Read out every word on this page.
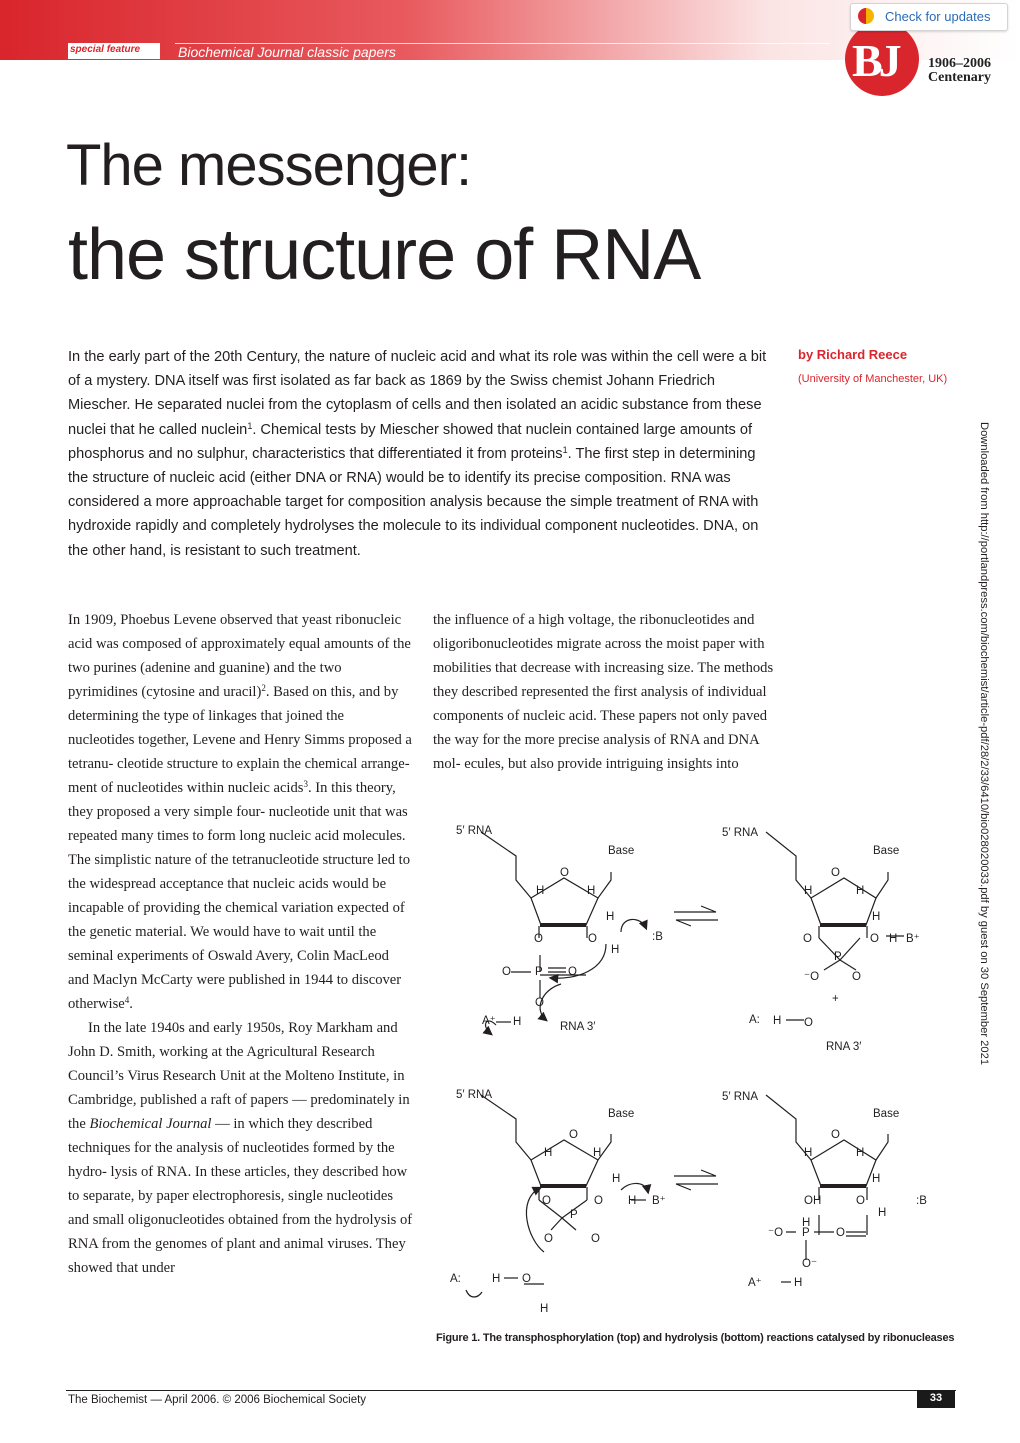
special feature	Biochemical Journal classic papers	BJ 1906–2006
Centenary
Check for updates
The messenger:
the structure of RNA
by Richard Reece
(University of Manchester, UK)
In the early part of the 20th Century, the nature of nucleic acid and what its role was within the cell were a bit of a mystery. DNA itself was first isolated as far back as 1869 by the Swiss chemist Johann Friedrich Miescher. He separated nuclei from the cytoplasm of cells and then isolated an acidic substance from these nuclei that he called nuclein$^1$. Chemical tests by Miescher showed that nuclein contained large amounts of phosphorus and no sulphur, characteristics that differentiated it from proteins$^1$. The first step in determining the structure of nucleic acid (either DNA or RNA) would be to identify its precise composition. RNA was considered a more approachable target for composition analysis because the simple treatment of RNA with hydroxide rapidly and completely hydrolyses the molecule to its individual component nucleotides. DNA, on the other hand, is resistant to such treatment.
In 1909, Phoebus Levene observed that yeast ribonucleic acid was composed of approximately equal amounts of the two purines (adenine and guanine) and the two pyrimidines (cytosine and uracil)$^2$. Based on this, and by determining the type of linkages that joined the nucleotides together, Levene and Henry Simms proposed a tetranu- cleotide structure to explain the chemical arrange- ment of nucleotides within nucleic acids$^3$. In this theory, they proposed a very simple four- nucleotide unit that was repeated many times to form long nucleic acid molecules. The simplistic nature of the tetranucleotide structure led to the widespread acceptance that nucleic acids would be incapable of providing the chemical variation expected of the genetic material. We would have to wait until the seminal experiments of Oswald Avery, Colin MacLeod and Maclyn McCarty were published in 1944 to discover otherwise$^4$.
In the late 1940s and early 1950s, Roy Markham and John D. Smith, working at the Agricultural Research Council’s Virus Research Unit at the Molteno Institute, in Cambridge, published a raft of papers — predominately in the Biochemical Journal — in which they described techniques for the analysis of nucleotides formed by the hydro- lysis of RNA. In these articles, they described how to separate, by paper electrophoresis, single nucleotides and small oligonucleotides obtained from the hydrolysis of RNA from the genomes of plant and animal viruses. They showed that under
the influence of a high voltage, the ribonucleotides and oligoribonucleotides migrate across the moist paper with mobilities that decrease with increasing size. The methods they described represented the first analysis of individual components of nucleic acid. These papers not only paved the way for the more precise analysis of RNA and DNA mol- ecules, but also provide intriguing insights into
5′ RNA
Base
O
H	H
H
O	O
H
:B
O P O
O
A⁺ H	RNA 3′
5′ RNA
Base
O
H	H
H
O	O H B⁺
P
⁻O	O
+
A: H O
RNA 3′
5′ RNA
Base
O
H	H
H
O	O H B⁺
P
O	O
A:	H O
H
5′ RNA
Base
O
H	H
H
OH	O
H
:B
H
⁻O P O
O⁻
A⁺	H
Figure 1. The transphosphorylation (top) and hydrolysis (bottom) reactions catalysed by ribonucleases
Downloaded from http://portlandpress.com/biochemist/article-pdf/28/2/33/6410/bio028020033.pdf by guest on 30 September 2021
The Biochemist — April 2006. © 2006 Biochemical Society	33
